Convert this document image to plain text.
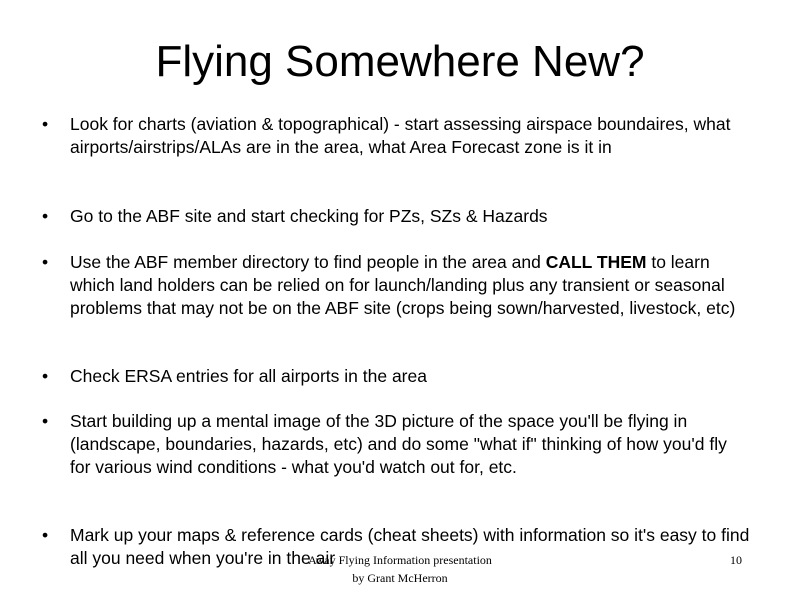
Flying Somewhere New?
•	Look for charts (aviation & topographical) - start assessing airspace boundaires, what airports/airstrips/ALAs are in the area, what Area Forecast zone is it in
•	Go to the ABF site and start checking for PZs, SZs & Hazards
•	Use the ABF member directory to find people in the area and CALL THEM to learn which land holders can be relied on for launch/landing plus any transient or seasonal problems that may not be on the ABF site (crops being sown/harvested, livestock, etc)
•	Check ERSA entries for all airports in the area
•	Start building up a mental image of the 3D picture of the space you'll be flying in (landscape, boundaries, hazards, etc) and do some "what if" thinking of how you'd fly for various wind conditions - what you'd watch out for, etc.
•	Mark up your maps & reference cards (cheat sheets) with information so it's easy to find all you need when you're in the air
Away Flying Information presentation
by Grant McHerron
10
